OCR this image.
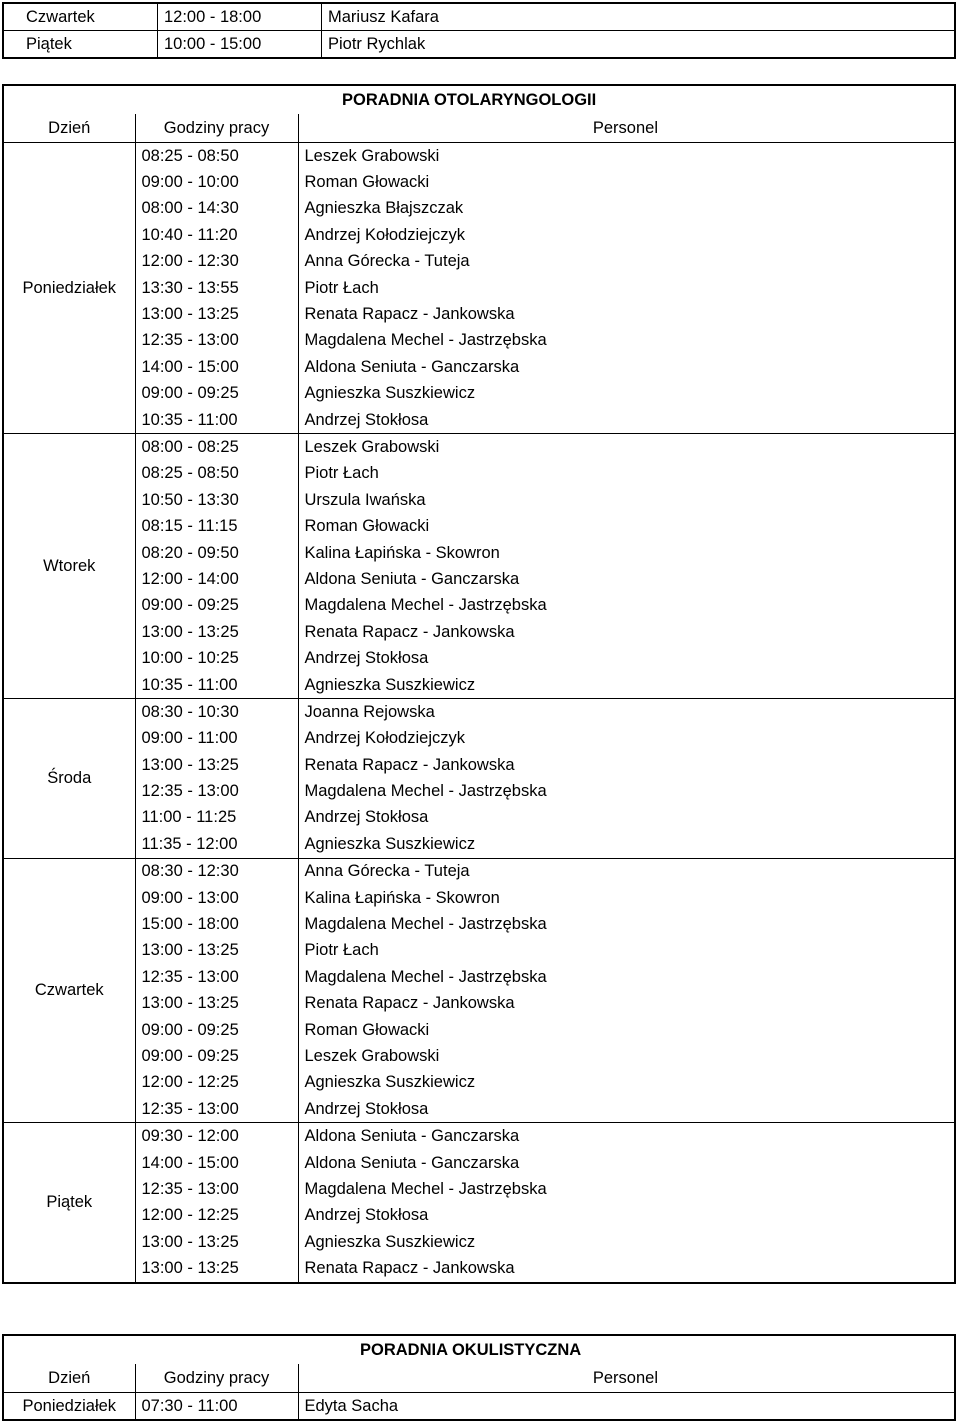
Czwartek	12:00 - 18:00	Mariusz Kafara
Piątek	10:00 - 15:00	Piotr Rychlak
		PORADNIA OTOLARYNGOLOGII
Dzień	Godziny pracy	Personel
Poniedziałek	08:25 - 08:50	Leszek Grabowski
	09:00 - 10:00	Roman Głowacki
	08:00 - 14:30	Agnieszka Błajszczak
	10:40 - 11:20	Andrzej Kołodziejczyk
	12:00 - 12:30	Anna Górecka - Tuteja
	13:30 - 13:55	Piotr Łach
	13:00 - 13:25	Renata Rapacz - Jankowska
	12:35 - 13:00	Magdalena Mechel - Jastrzębska
	14:00 - 15:00	Aldona Seniuta - Ganczarska
	09:00 - 09:25	Agnieszka Suszkiewicz
	10:35 - 11:00	Andrzej Stokłosa
Wtorek	08:00 - 08:25	Leszek Grabowski
	08:25 - 08:50	Piotr Łach
	10:50 - 13:30	Urszula Iwańska
	08:15 - 11:15	Roman Głowacki
	08:20 - 09:50	Kalina Łapińska - Skowron
	12:00 - 14:00	Aldona Seniuta - Ganczarska
	09:00 - 09:25	Magdalena Mechel - Jastrzębska
	13:00 - 13:25	Renata Rapacz - Jankowska
	10:00 - 10:25	Andrzej Stokłosa
	10:35 - 11:00	Agnieszka Suszkiewicz
Środa	08:30 - 10:30	Joanna Rejowska
	09:00 - 11:00	Andrzej Kołodziejczyk
	13:00 - 13:25	Renata Rapacz - Jankowska
	12:35 - 13:00	Magdalena Mechel - Jastrzębska
	11:00 - 11:25	Andrzej Stokłosa
	11:35 - 12:00	Agnieszka Suszkiewicz
Czwartek	08:30 - 12:30	Anna Górecka - Tuteja
	09:00 - 13:00	Kalina Łapińska - Skowron
	15:00 - 18:00	Magdalena Mechel - Jastrzębska
	13:00 - 13:25	Piotr Łach
	12:35 - 13:00	Magdalena Mechel - Jastrzębska
	13:00 - 13:25	Renata Rapacz - Jankowska
	09:00 - 09:25	Roman Głowacki
	09:00 - 09:25	Leszek Grabowski
	12:00 - 12:25	Agnieszka Suszkiewicz
	12:35 - 13:00	Andrzej Stokłosa
Piątek	09:30 - 12:00	Aldona Seniuta - Ganczarska
	14:00 - 15:00	Aldona Seniuta - Ganczarska
	12:35 - 13:00	Magdalena Mechel - Jastrzębska
	12:00 - 12:25	Andrzej Stokłosa
	13:00 - 13:25	Agnieszka Suszkiewicz
	13:00 - 13:25	Renata Rapacz - Jankowska
		PORADNIA OKULISTYCZNA
Dzień	Godziny pracy	Personel
Poniedziałek	07:30 - 11:00	Edyta Sacha
